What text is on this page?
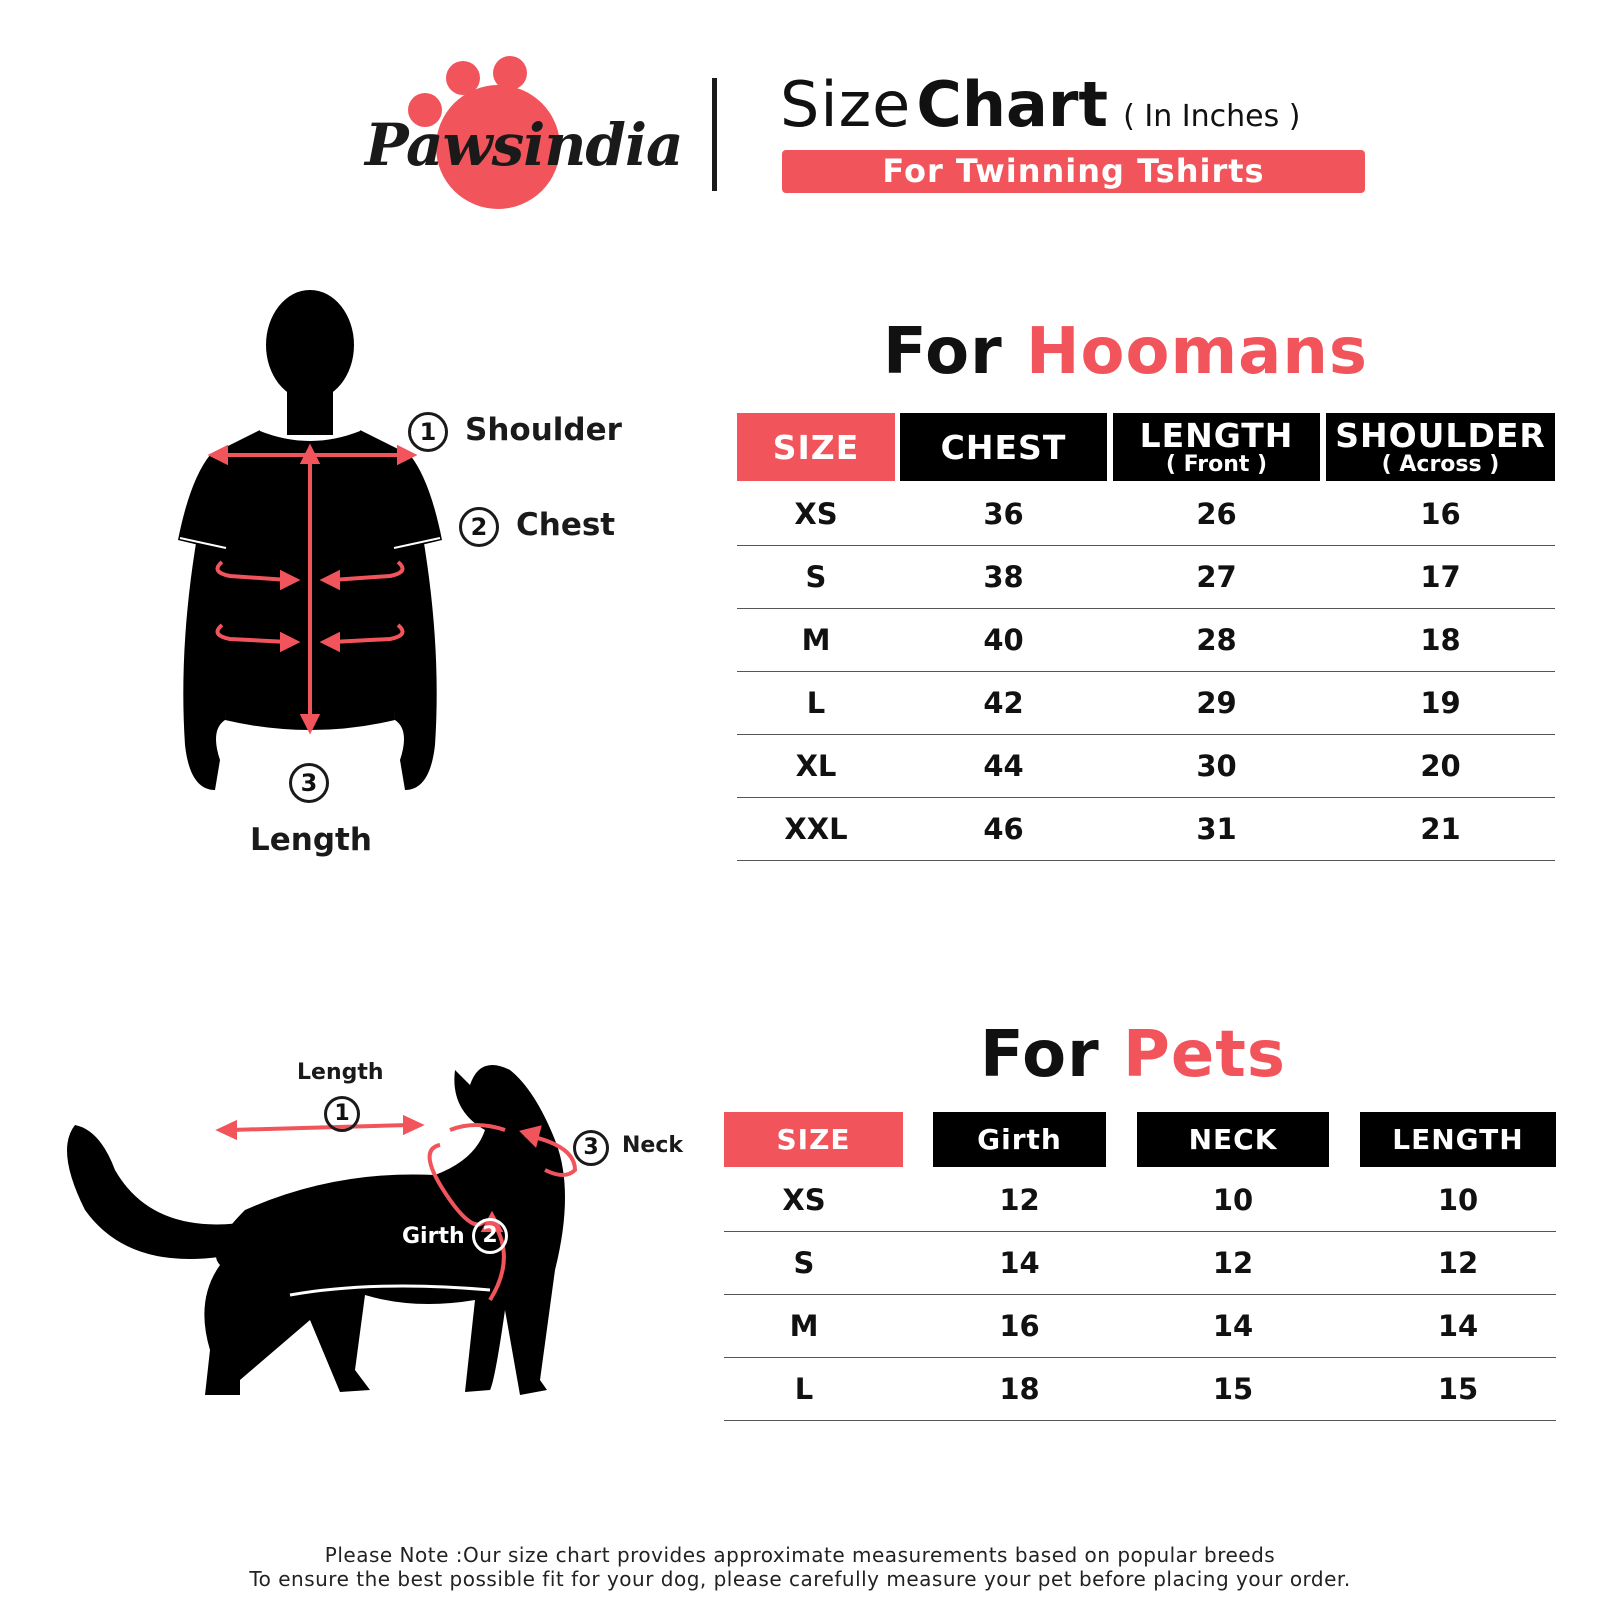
Pawsindia
Size Chart ( In Inches )
For Twinning Tshirts
1 Shoulder
2 Chest
3
Length
For Hoomans
SIZE CHEST LENGTH
( Front )
SHOULDER
( Across )
XS	36	26	16
S	38	27	17
M	40	28	18
L	42	29	19
XL	44	30	20
XXL	46	31	21
Length
1
Girth 2
3	Neck
For Pets
SIZE	Girth	NECK	LENGTH
XS	12	10	10
S	14	12	12
M	16	14	14
L	18	15	15
Please Note :Our size chart provides approximate measurements based on popular breeds
To ensure the best possible fit for your dog, please carefully measure your pet before placing your order.
